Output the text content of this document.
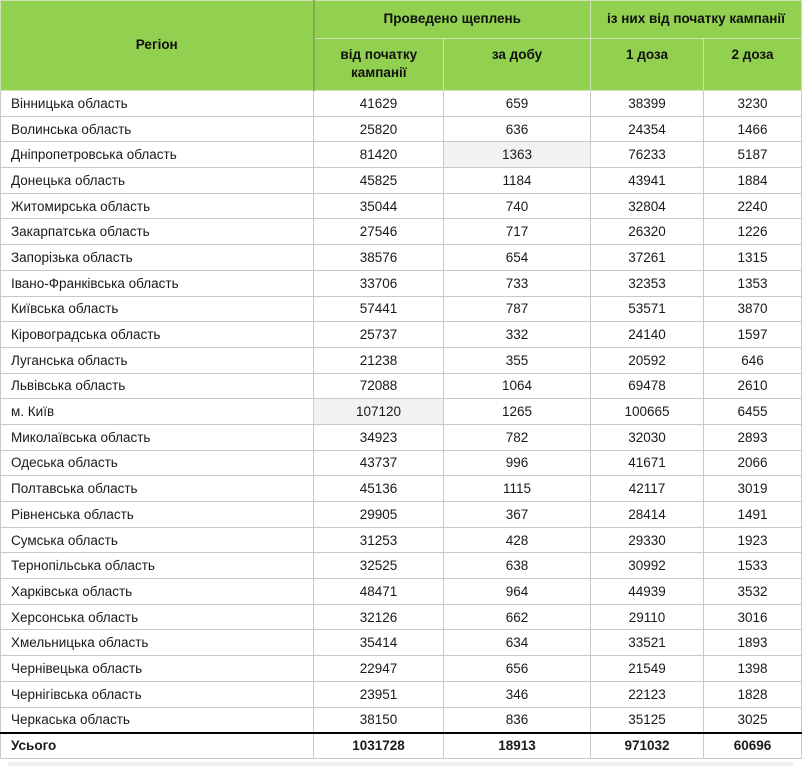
Регіон	Проведено щеплень		із них від початку кампанії	
	від початку кампанії	за добу	1 доза	2 доза
Вінницька область	41629	659	38399	3230
Волинська область	25820	636	24354	1466
Дніпропетровська область	81420	1363	76233	5187
Донецька область	45825	1184	43941	1884
Житомирська область	35044	740	32804	2240
Закарпатська область	27546	717	26320	1226
Запорізька область	38576	654	37261	1315
Івано-Франківська область	33706	733	32353	1353
Київська область	57441	787	53571	3870
Кіровоградська область	25737	332	24140	1597
Луганська область	21238	355	20592	646
Львівська область	72088	1064	69478	2610
м. Київ	107120	1265	100665	6455
Миколаївська область	34923	782	32030	2893
Одеська область	43737	996	41671	2066
Полтавська область	45136	1115	42117	3019
Рівненська область	29905	367	28414	1491
Сумська область	31253	428	29330	1923
Тернопільська область	32525	638	30992	1533
Харківська область	48471	964	44939	3532
Херсонська область	32126	662	29110	3016
Хмельницька область	35414	634	33521	1893
Чернівецька область	22947	656	21549	1398
Чернігівська область	23951	346	22123	1828
Черкаська область	38150	836	35125	3025
Усього	1031728	18913	971032	60696
